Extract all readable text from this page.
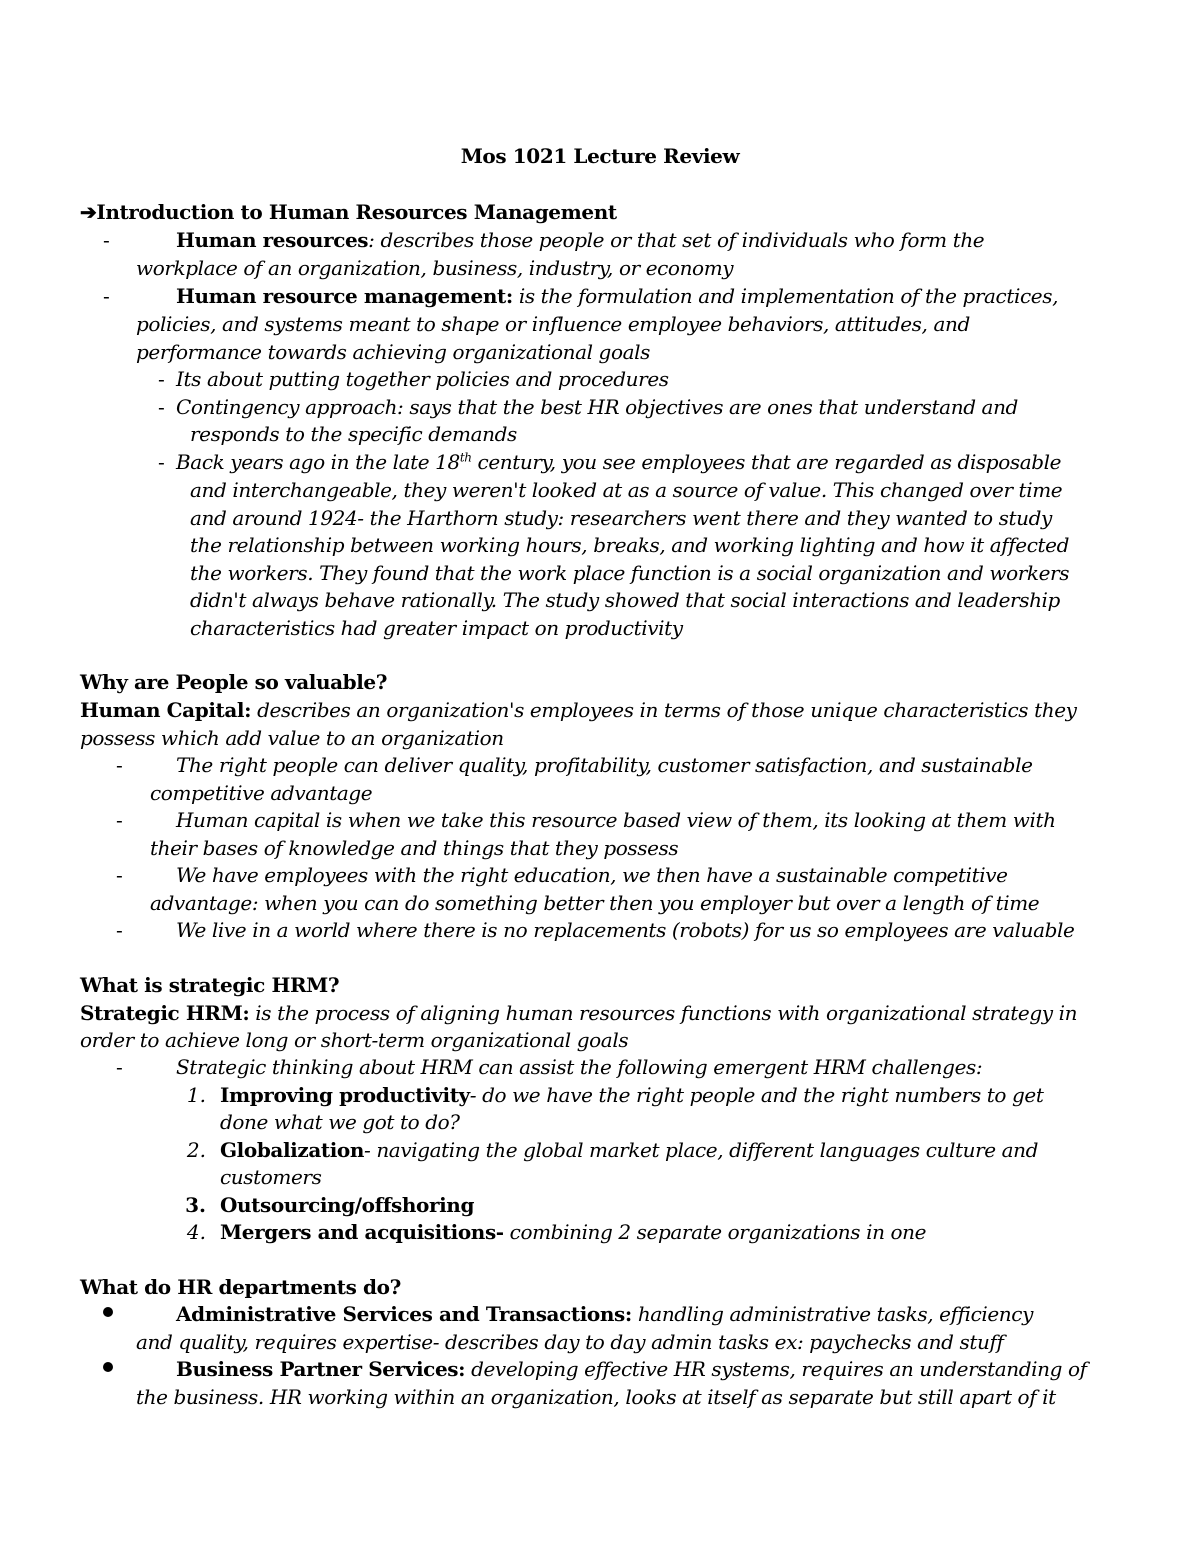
Mos 1021 Lecture Review
➔Introduction to Human Resources Management
-	Human resources: describes those people or that set of individuals who form the
workplace of an organization, business, industry, or economy
-	Human resource management: is the formulation and implementation of the practices,
policies, and systems meant to shape or influence employee behaviors, attitudes, and
performance towards achieving organizational goals
- Its about putting together policies and procedures
- Contingency approach: says that the best HR objectives are ones that understand and
responds to the specific demands
- Back years ago in the late 18th century, you see employees that are regarded as disposable
and interchangeable, they weren't looked at as a source of value. This changed over time
and around 1924- the Harthorn study: researchers went there and they wanted to study
the relationship between working hours, breaks, and working lighting and how it affected
the workers. They found that the work place function is a social organization and workers
didn't always behave rationally. The study showed that social interactions and leadership
characteristics had greater impact on productivity
Why are People so valuable?
Human Capital: describes an organization's employees in terms of those unique characteristics they
possess which add value to an organization
-	The right people can deliver quality, profitability, customer satisfaction, and sustainable
competitive advantage
-	Human capital is when we take this resource based view of them, its looking at them with
their bases of knowledge and things that they possess
-	We have employees with the right education, we then have a sustainable competitive
advantage: when you can do something better then you employer but over a length of time
-	We live in a world where there is no replacements (robots) for us so employees are valuable
What is strategic HRM?
Strategic HRM: is the process of aligning human resources functions with organizational strategy in
order to achieve long or short-term organizational goals
-	Strategic thinking about HRM can assist the following emergent HRM challenges:
1. Improving productivity- do we have the right people and the right numbers to get
done what we got to do?
2. Globalization- navigating the global market place, different languages culture and
customers
3. Outsourcing/offshoring
4. Mergers and acquisitions- combining 2 separate organizations in one
What do HR departments do?
Administrative Services and Transactions: handling administrative tasks, efficiency
and quality, requires expertise- describes day to day admin tasks ex: paychecks and stuff
Business Partner Services: developing effective HR systems, requires an understanding of
the business. HR working within an organization, looks at itself as separate but still apart of it
